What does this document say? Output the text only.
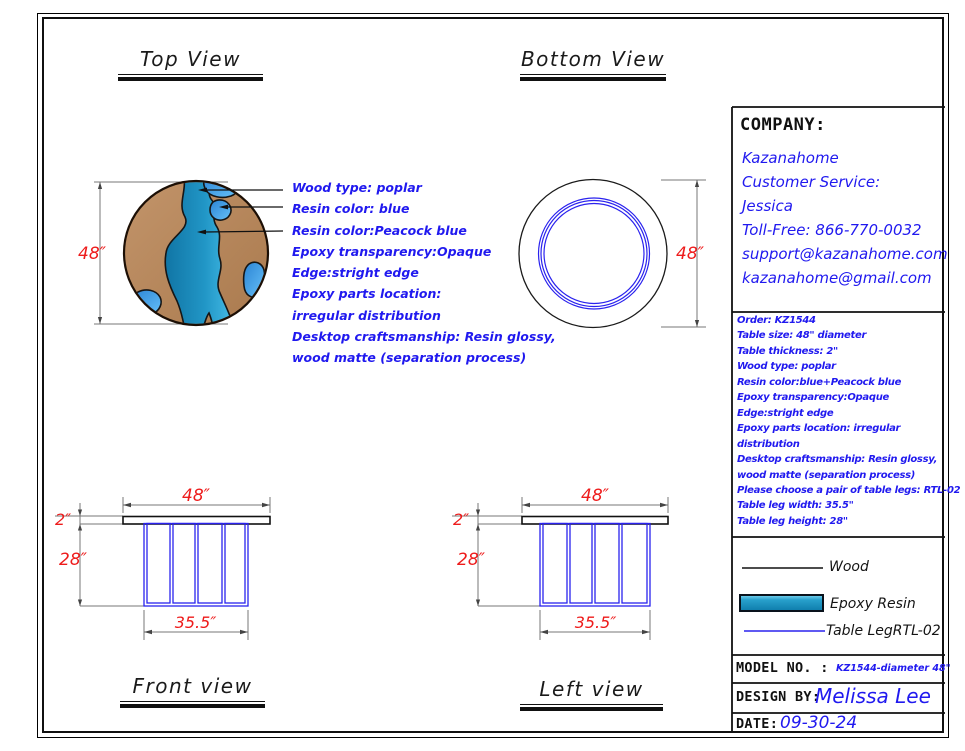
Top View	Bottom View
Front view	Left view
48″	48″
48″
2″
28″
35.5″
48″
2″
28″
35.5″
Wood type: poplar
Resin color: blue
Resin color:Peacock blue
Epoxy transparency:Opaque
Edge:stright edge
Epoxy parts location:
irregular distribution
Desktop craftsmanship: Resin glossy,
wood matte (separation process)
COMPANY:
Kazanahome
Customer Service:
Jessica
Toll-Free: 866-770-0032
support@kazanahome.com
kazanahome@gmail.com
Order: KZ1544
Table size: 48" diameter
Table thickness: 2"
Wood type: poplar
Resin color:blue+Peacock blue
Epoxy transparency:Opaque
Edge:stright edge
Epoxy parts location: irregular distribution
Desktop craftsmanship: Resin glossy,
wood matte (separation process)
Please choose a pair of table legs: RTL-02
Table leg width: 35.5"
Table leg height: 28"
Wood
Epoxy Resin
Table LegRTL-02
MODEL NO. : KZ1544-diameter 48"
DESIGN BY:
Melissa Lee
DATE: 09-30-24
